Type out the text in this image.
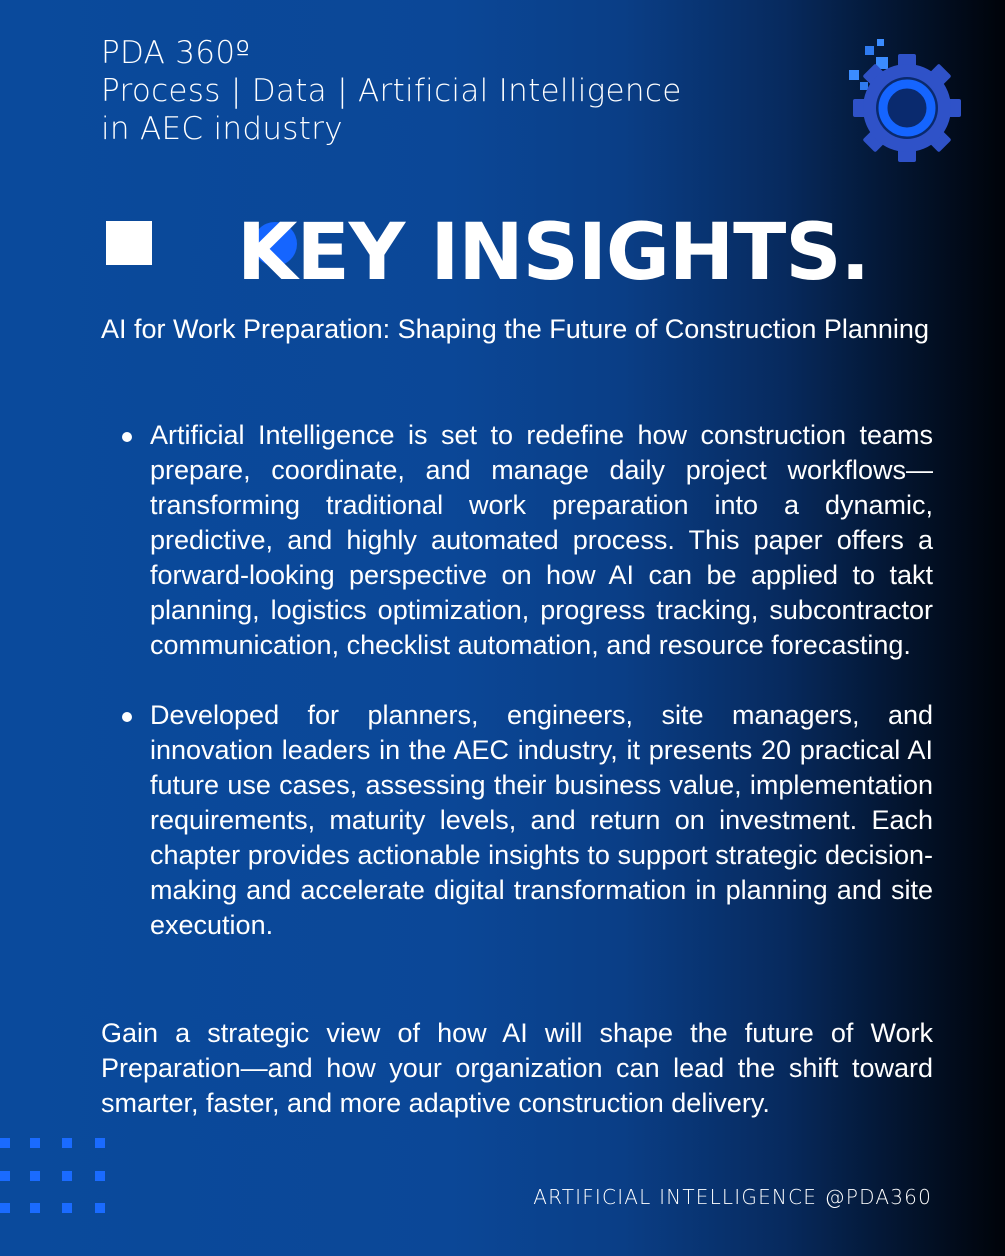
PDA 360º
Process | Data | Artificial Intelligence
in AEC industry
KEY INSIGHTS.

AI for Work Preparation: Shaping the Future of Construction Planning

Artificial Intelligence is set to redefine how construction teams prepare, coordinate, and manage daily project workflows—transforming traditional work preparation into a dynamic, predictive, and highly automated process. This paper offers a forward-looking perspective on how AI can be applied to takt planning, logistics optimization, progress tracking, subcontractor communication, checklist automation, and resource forecasting.
Developed for planners, engineers, site managers, and innovation leaders in the AEC industry, it presents 20 practical AI future use cases, assessing their business value, implementation requirements, maturity levels, and return on investment. Each chapter provides actionable insights to support strategic decision-making and accelerate digital transformation in planning and site execution.

Gain a strategic view of how AI will shape the future of Work Preparation—and how your organization can lead the shift toward smarter, faster, and more adaptive construction delivery.

ARTIFICIAL INTELLIGENCE @PDA360
